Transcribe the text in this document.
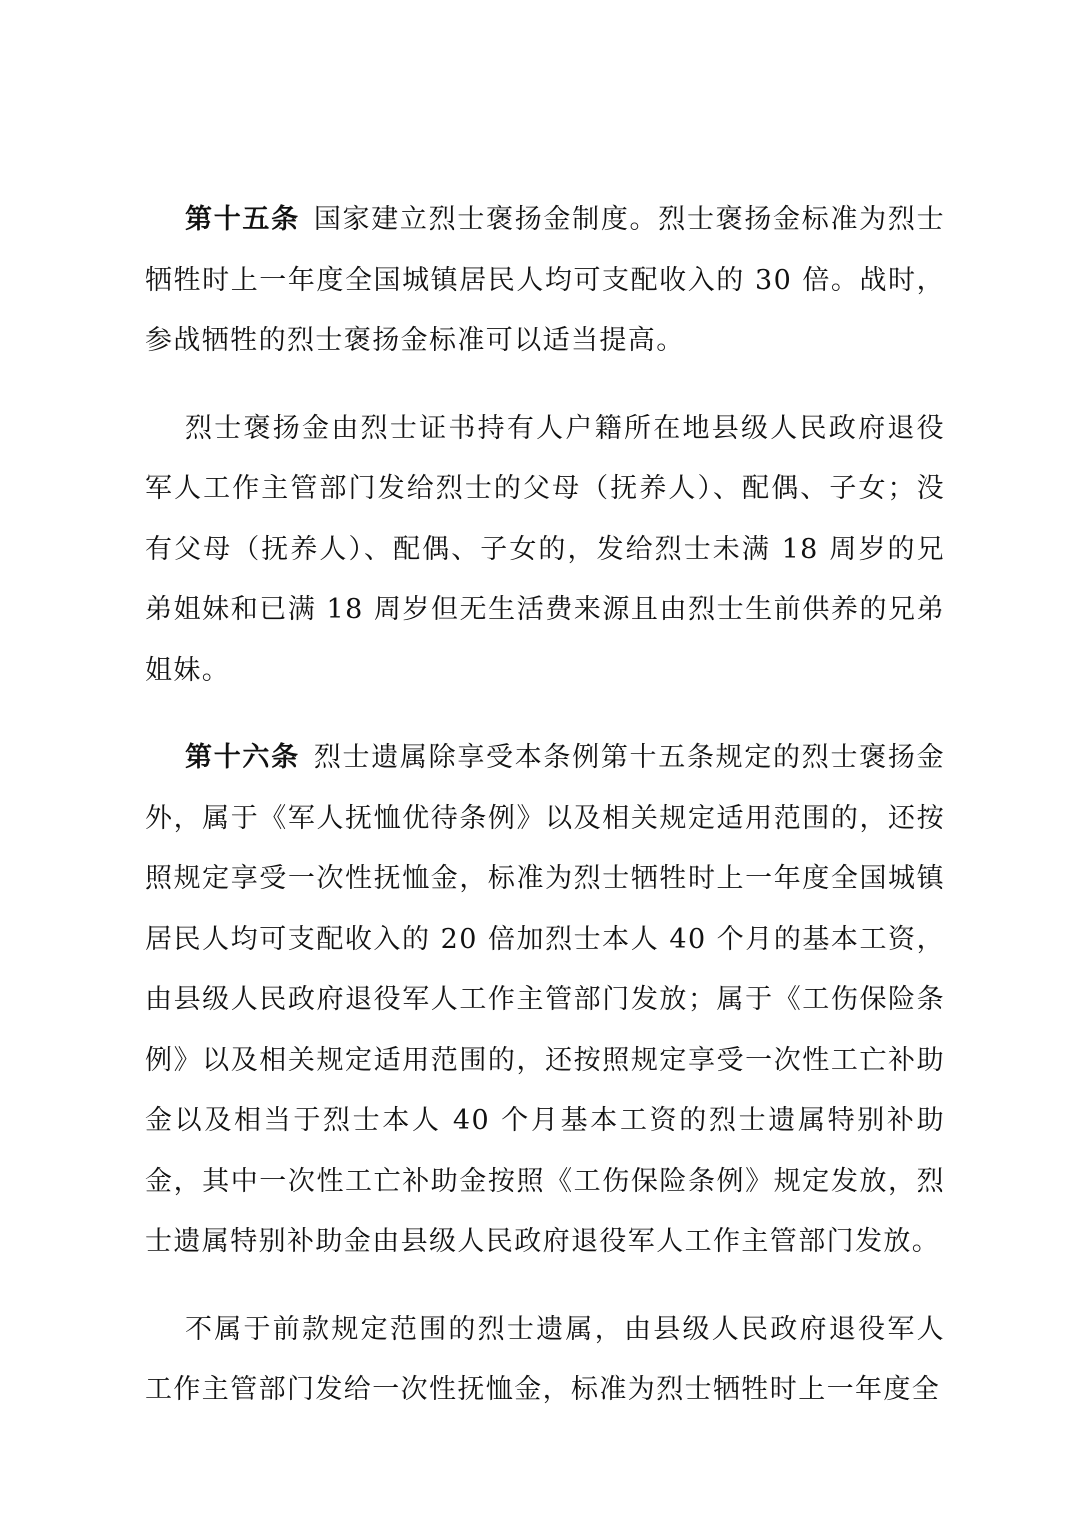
第十五条 国家建立烈士褒扬金制度。烈士褒扬金标准为烈士牺牲时上一年度全国城镇居民人均可支配收入的 30 倍。战时，参战牺牲的烈士褒扬金标准可以适当提高。

烈士褒扬金由烈士证书持有人户籍所在地县级人民政府退役军人工作主管部门发给烈士的父母（抚养人）、配偶、子女；没有父母（抚养人）、配偶、子女的，发给烈士未满 18 周岁的兄弟姐妹和已满 18 周岁但无生活费来源且由烈士生前供养的兄弟姐妹。

第十六条 烈士遗属除享受本条例第十五条规定的烈士褒扬金外，属于《军人抚恤优待条例》以及相关规定适用范围的，还按照规定享受一次性抚恤金，标准为烈士牺牲时上一年度全国城镇居民人均可支配收入的 20 倍加烈士本人 40 个月的基本工资，由县级人民政府退役军人工作主管部门发放；属于《工伤保险条例》以及相关规定适用范围的，还按照规定享受一次性工亡补助金以及相当于烈士本人 40 个月基本工资的烈士遗属特别补助金，其中一次性工亡补助金按照《工伤保险条例》规定发放，烈士遗属特别补助金由县级人民政府退役军人工作主管部门发放。

不属于前款规定范围的烈士遗属，由县级人民政府退役军人工作主管部门发给一次性抚恤金，标准为烈士牺牲时上一年度全
